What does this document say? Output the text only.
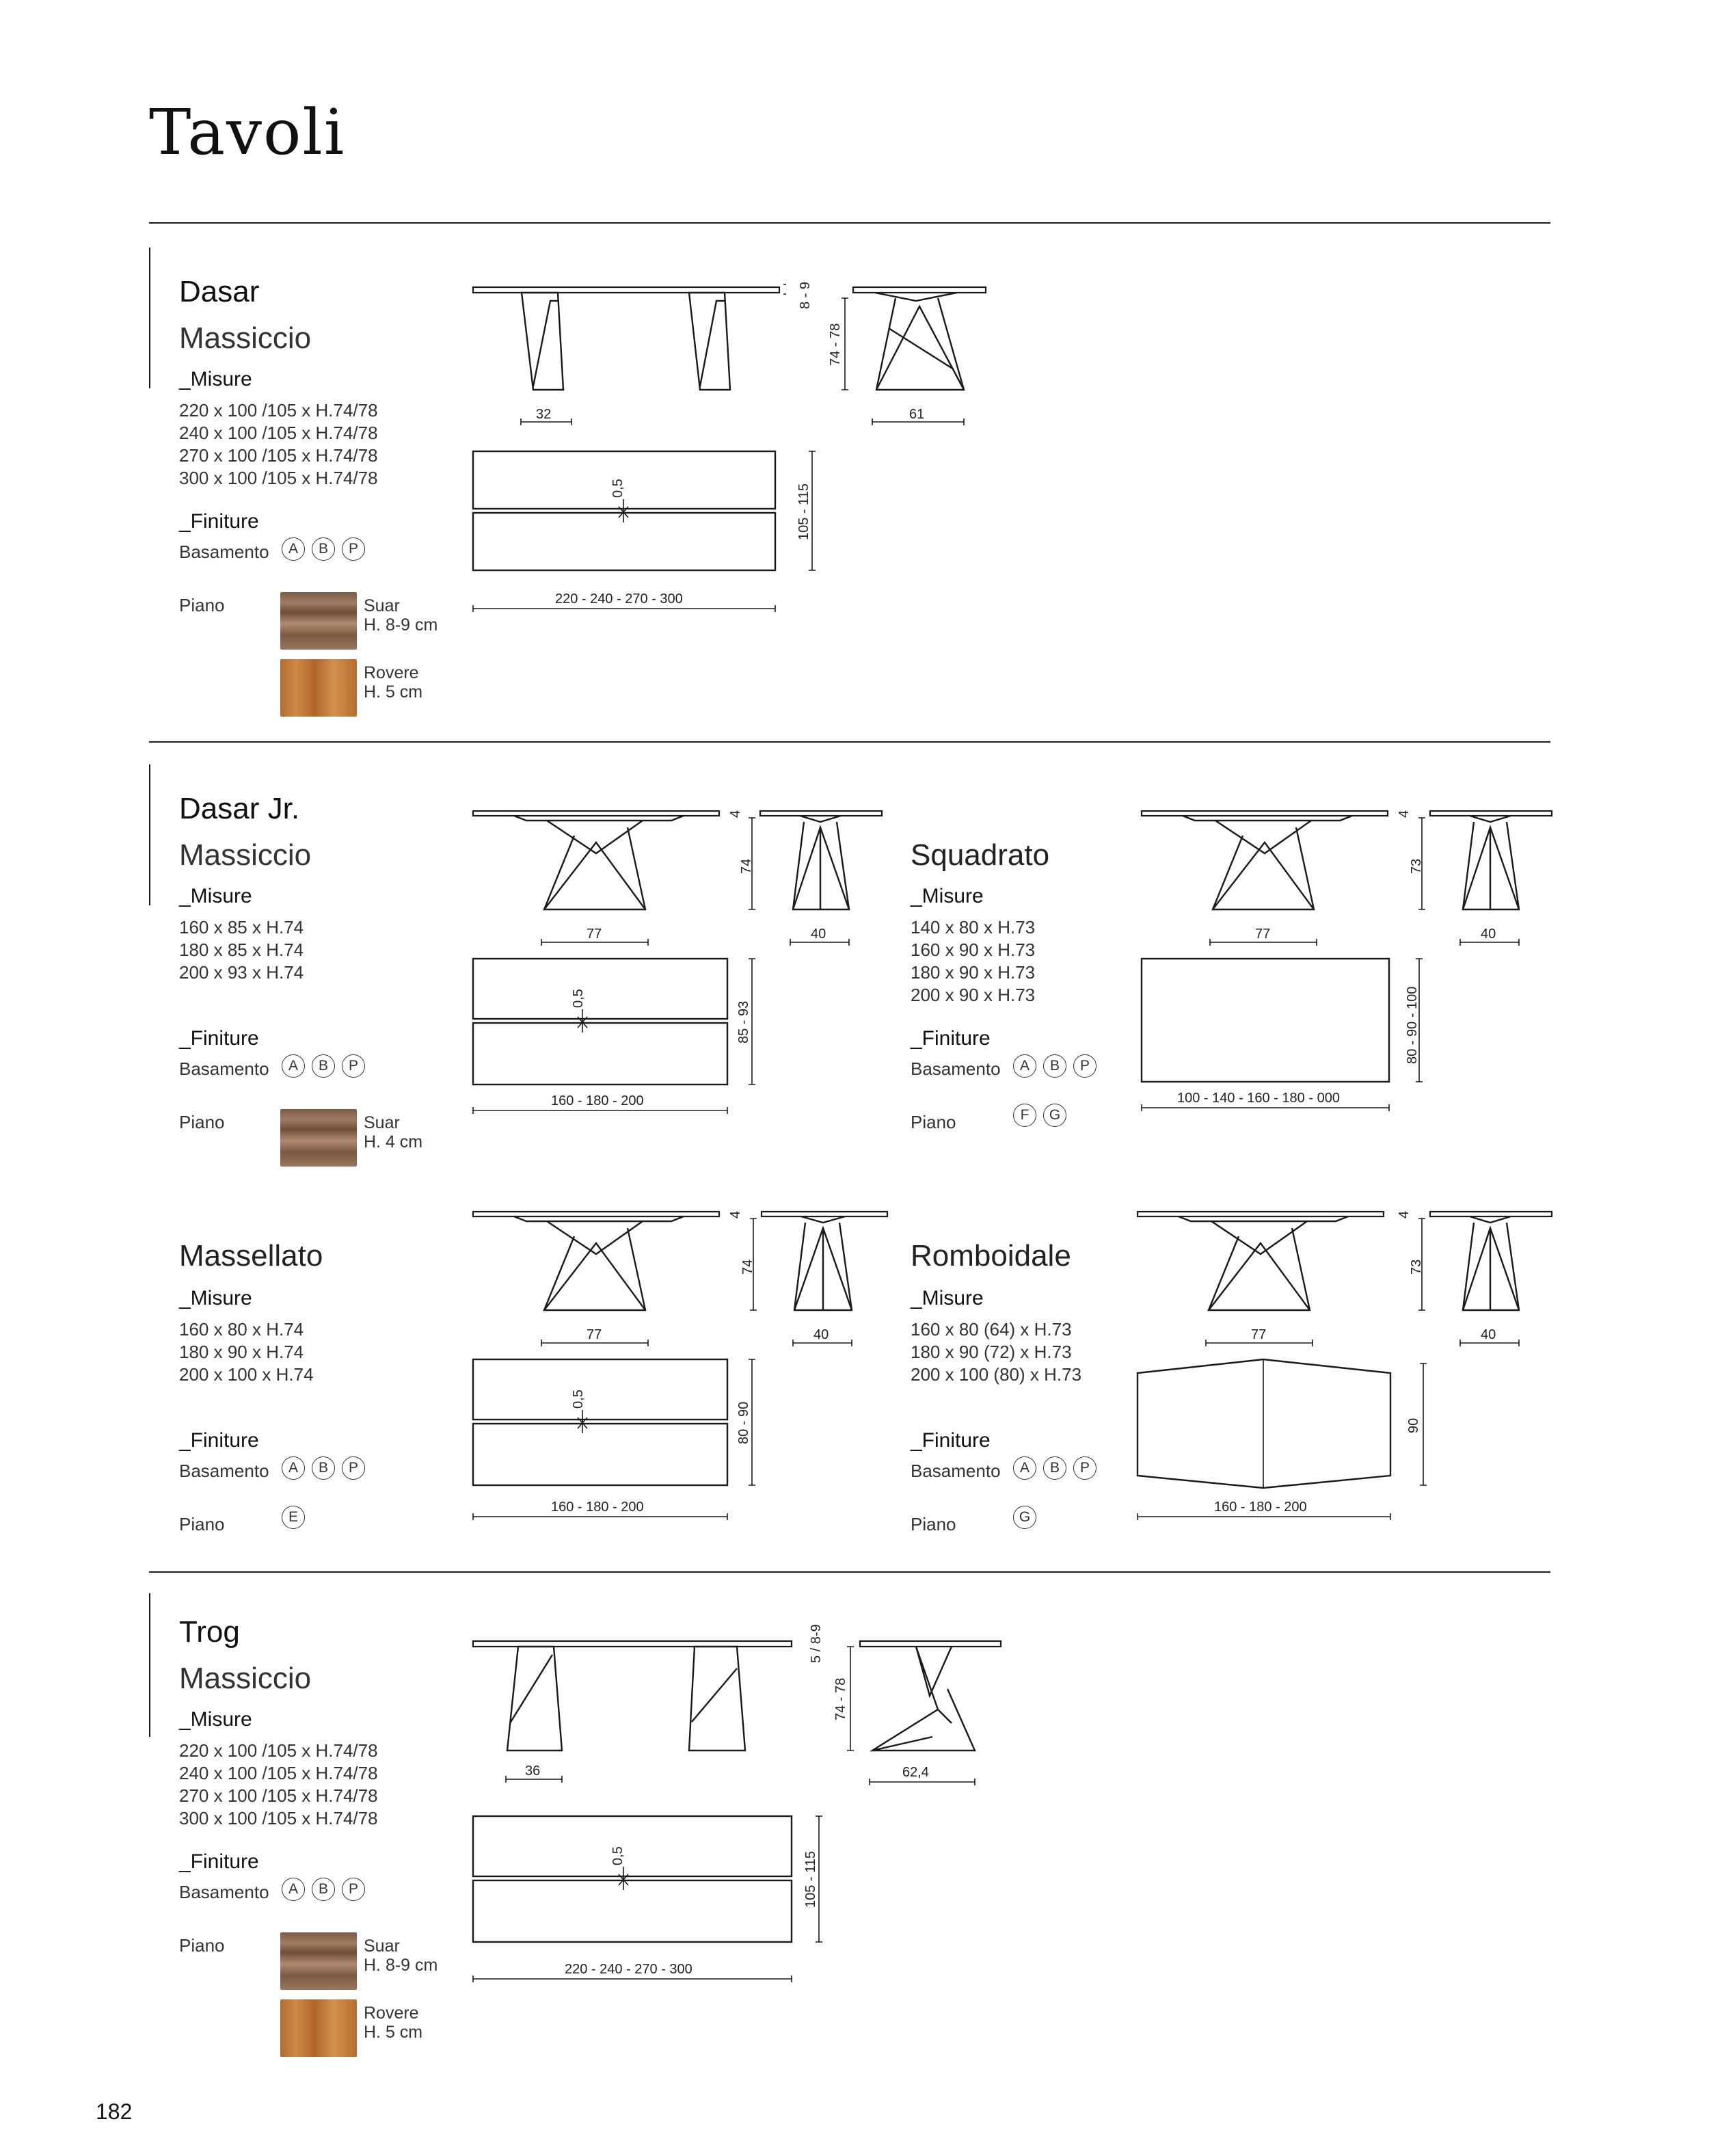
Tavoli
Dasar
Massiccio
_Misure
220 x 100 /105 x H.74/78
240 x 100 /105 x H.74/78
270 x 100 /105 x H.74/78
300 x 100 /105 x H.74/78
_Finiture
Basamento	A	B	P
Piano	Suar
H. 8-9 cm
Rovere
H. 5 cm
Dasar Jr.
Massiccio
_Misure
160 x 85 x H.74
180 x 85 x H.74
200 x 93 x H.74
_Finiture
Basamento	A	B	P
Piano	Suar
H. 4 cm
Squadrato
_Misure
140 x 80 x H.73
160 x 90 x H.73
180 x 90 x H.73
200 x 90 x H.73
_Finiture
Basamento	A	B	P
Piano	F	G
Massellato
_Misure
160 x 80 x H.74
180 x 90 x H.74
200 x 100 x H.74
_Finiture
Basamento	A	B	P
Piano	E
Romboidale
_Misure
160 x 80 (64) x H.73
180 x 90 (72) x H.73
200 x 100 (80) x H.73
_Finiture
Basamento	A	B	P
Piano	G
Trog
Massiccio
_Misure
220 x 100 /105 x H.74/78
240 x 100 /105 x H.74/78
270 x 100 /105 x H.74/78
300 x 100 /105 x H.74/78
_Finiture
Basamento	A	B	P
Piano	Suar
H. 8-9 cm
Rovere
H. 5 cm
182
32
8 - 9
74 - 78
61
0,5	105 - 115
220 - 240 - 270 - 300
77
4
74
40
0,5
85 - 93
160 - 180 - 200
77
4
73
40
80 - 90 - 100
100 - 140 - 160 - 180 - 000
77
4
74
40
0,5
80 - 90
160 - 180 - 200
77
4
73
40
90
160 - 180 - 200
36
5 / 8-9
74 - 78
62,4
0,5	105 - 115
220 - 240 - 270 - 300
